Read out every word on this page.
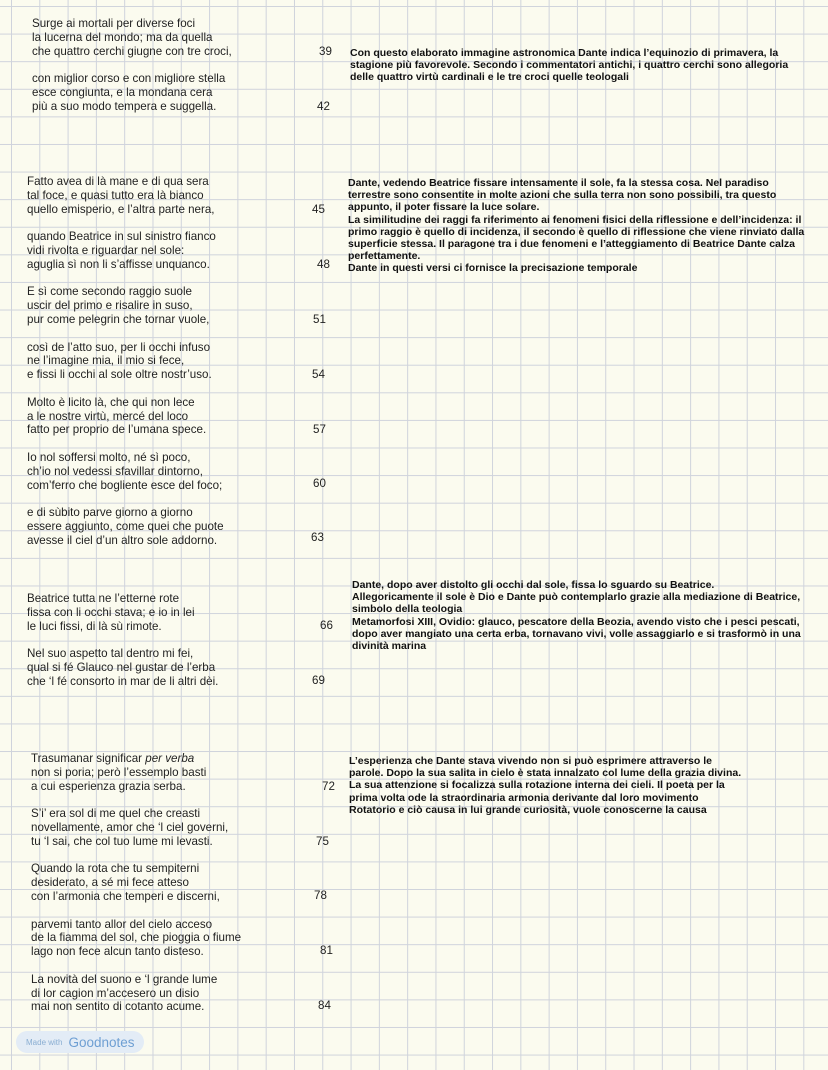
Surge ai mortali per diverse foci
la lucerna del mondo; ma da quella
che quattro cerchi giugne con tre croci,
con miglior corso e con migliore stella
esce congiunta, e la mondana cera
più a suo modo tempera e suggella.
39
42
Con questo elaborato immagine astronomica Dante indica l’equinozio di primavera, la stagione più favorevole. Secondo i commentatori antichi, i quattro cerchi sono allegoria delle quattro virtù cardinali e le tre croci quelle teologali
Fatto avea di là mane e di qua sera
tal foce, e quasi tutto era là bianco
quello emisperio, e l’altra parte nera,
quando Beatrice in sul sinistro fianco
vidi rivolta e riguardar nel sole:
aguglia sì non li s’affisse unquanco.
E sì come secondo raggio suole
uscir del primo e risalire in suso,
pur come pelegrin che tornar vuole,
così de l’atto suo, per li occhi infuso
ne l’imagine mia, il mio si fece,
e fissi li occhi al sole oltre nostr’uso.
Molto è licito là, che qui non lece
a le nostre virtù, mercé del loco
fatto per proprio de l’umana spece.
Io nol soffersi molto, né sì poco,
ch’io nol vedessi sfavillar dintorno,
com’ferro che bogliente esce del foco;
e di sùbito parve giorno a giorno
essere aggiunto, come quei che puote
avesse il ciel d’un altro sole addorno.
45
48
51
54
57
60
63
Dante, vedendo Beatrice fissare intensamente il sole, fa la stessa cosa. Nel paradiso terrestre sono consentite in molte azioni che sulla terra non sono possibili, tra questo appunto, il poter fissare la luce solare.
La similitudine dei raggi fa riferimento ai fenomeni fisici della riflessione e dell’incidenza: il primo raggio è quello di incidenza, il secondo è quello di riflessione che viene rinviato dalla superficie stessa. Il paragone tra i due fenomeni e l’atteggiamento di Beatrice Dante calza perfettamente.
Dante in questi versi ci fornisce la precisazione temporale
Beatrice tutta ne l’etterne rote
fissa con li occhi stava; e io in lei
le luci fissi, di là sù rimote.
Nel suo aspetto tal dentro mi fei,
qual si fé Glauco nel gustar de l’erba
che ‘l fé consorto in mar de li altri dèi.
66
69
Dante, dopo aver distolto gli occhi dal sole, fissa lo sguardo su Beatrice.
Allegoricamente il sole è Dio e Dante può contemplarlo grazie alla mediazione di Beatrice, simbolo della teologia
Metamorfosi XIII, Ovidio: glauco, pescatore della Beozia, avendo visto che i pesci pescati, dopo aver mangiato una certa erba, tornavano vivi, volle assaggiarlo e si trasformò in una divinità marina
Trasumanar significar per verba
non si poria; però l’essemplo basti
a cui esperienza grazia serba.
S’i’ era sol di me quel che creasti
novellamente, amor che ‘l ciel governi,
tu ‘l sai, che col tuo lume mi levasti.
Quando la rota che tu sempiterni
desiderato, a sé mi fece atteso
con l’armonia che temperi e discerni,
parvemi tanto allor del cielo acceso
de la fiamma del sol, che pioggia o fiume
lago non fece alcun tanto disteso.
La novità del suono e ‘l grande lume
di lor cagion m’accesero un disio
mai non sentito di cotanto acume.
72
75
78
81
84
L’esperienza che Dante stava vivendo non si può esprimere attraverso le parole. Dopo la sua salita in cielo è stata innalzato col lume della grazia divina. La sua attenzione si focalizza sulla rotazione interna dei cieli. Il poeta per la prima volta ode la straordinaria armonia derivante dal loro movimento Rotatorio e ciò causa in lui grande curiosità, vuole conoscerne la causa
Made with Goodnotes
